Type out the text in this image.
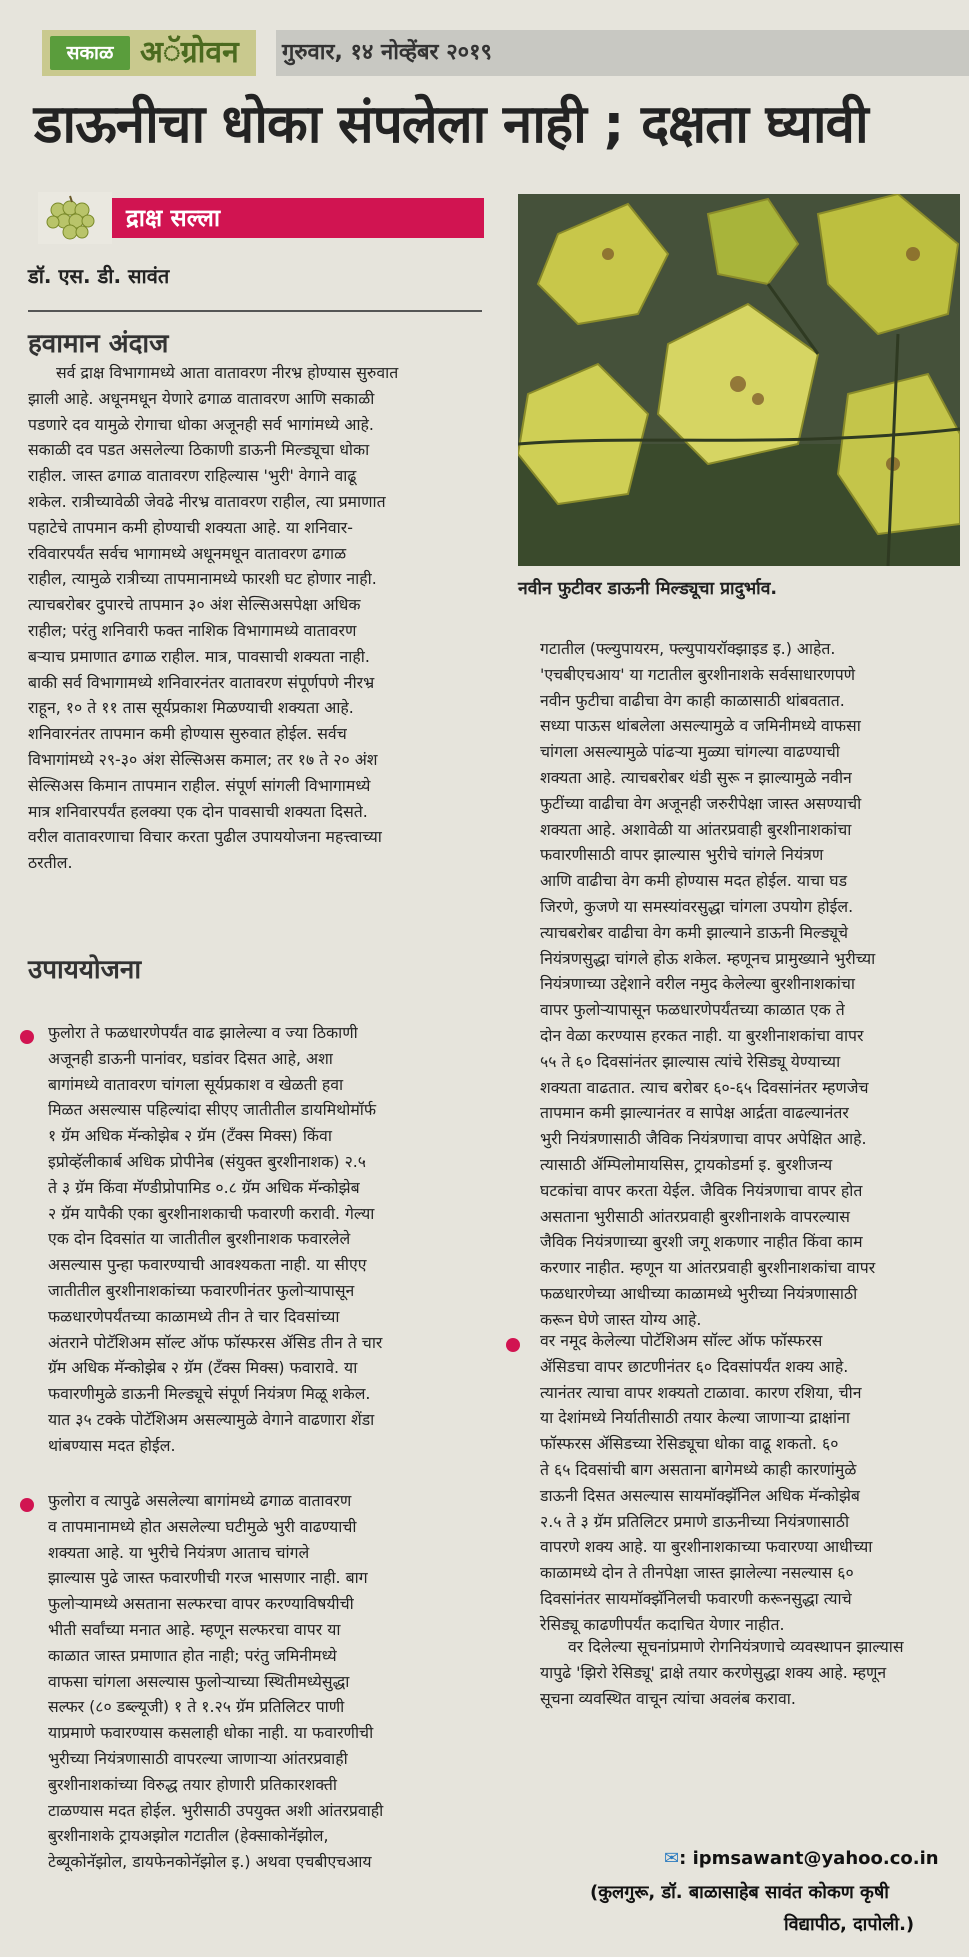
सकाळ अॅग्रोवन	गुरुवार, १४ नोव्हेंबर २०१९
डाऊनीचा धोका संपलेला नाही ; दक्षता घ्यावी
द्राक्ष सल्ला
डॉ. एस. डी. सावंत
हवामान अंदाज
सर्व द्राक्ष विभागामध्ये आता वातावरण नीरभ्र होण्यास सुरुवात
झाली आहे. अधूनमधून येणारे ढगाळ वातावरण आणि सकाळी
पडणारे दव यामुळे रोगाचा धोका अजूनही सर्व भागांमध्ये आहे.
सकाळी दव पडत असलेल्या ठिकाणी डाऊनी मिल्ड्यूचा धोका
राहील. जास्त ढगाळ वातावरण राहिल्यास 'भुरी' वेगाने वाढू
शकेल. रात्रीच्यावेळी जेवढे नीरभ्र वातावरण राहील, त्या प्रमाणात
पहाटेचे तापमान कमी होण्याची शक्यता आहे. या शनिवार-
रविवारपर्यंत सर्वच भागामध्ये अधूनमधून वातावरण ढगाळ
राहील, त्यामुळे रात्रीच्या तापमानामध्ये फारशी घट होणार नाही.
त्याचबरोबर दुपारचे तापमान ३० अंश सेल्सिअसपेक्षा अधिक
राहील; परंतु शनिवारी फक्त नाशिक विभागामध्ये वातावरण
बऱ्याच प्रमाणात ढगाळ राहील. मात्र, पावसाची शक्यता नाही.
बाकी सर्व विभागामध्ये शनिवारनंतर वातावरण संपूर्णपणे नीरभ्र
राहून, १० ते ११ तास सूर्यप्रकाश मिळण्याची शक्यता आहे.
शनिवारनंतर तापमान कमी होण्यास सुरुवात होईल. सर्वच
विभागांमध्ये २९-३० अंश सेल्सिअस कमाल; तर १७ ते २० अंश
सेल्सिअस किमान तापमान राहील. संपूर्ण सांगली विभागामध्ये
मात्र शनिवारपर्यंत हलक्या एक दोन पावसाची शक्यता दिसते.
वरील वातावरणाचा विचार करता पुढील उपाययोजना महत्त्वाच्या
ठरतील.
उपाययोजना
फुलोरा ते फळधारणेपर्यंत वाढ झालेल्या व ज्या ठिकाणी
अजूनही डाऊनी पानांवर, घडांवर दिसत आहे, अशा
बागांमध्ये वातावरण चांगला सूर्यप्रकाश व खेळती हवा
मिळत असल्यास पहिल्यांदा सीएए जातीतील डायमिथोमॉर्फ
१ ग्रॅम अधिक मॅन्कोझेब २ ग्रॅम (टँक्स मिक्स) किंवा
इप्रोव्हॅलीकार्ब अधिक प्रोपीनेब (संयुक्त बुरशीनाशक) २.५
ते ३ ग्रॅम किंवा मॅण्डीप्रोपामिड ०.८ ग्रॅम अधिक मॅन्कोझेब
२ ग्रॅम यापैकी एका बुरशीनाशकाची फवारणी करावी. गेल्या
एक दोन दिवसांत या जातीतील बुरशीनाशक फवारलेले
असल्यास पुन्हा फवारण्याची आवश्यकता नाही. या सीएए
जातीतील बुरशीनाशकांच्या फवारणीनंतर फुलोऱ्यापासून
फळधारणेपर्यंतच्या काळामध्ये तीन ते चार दिवसांच्या
अंतराने पोटॅशिअम सॉल्ट ऑफ फॉस्फरस ॲसिड तीन ते चार
ग्रॅम अधिक मॅन्कोझेब २ ग्रॅम (टँक्स मिक्स) फवारावे. या
फवारणीमुळे डाऊनी मिल्ड्यूचे संपूर्ण नियंत्रण मिळू शकेल.
यात ३५ टक्के पोटॅशिअम असल्यामुळे वेगाने वाढणारा शेंडा
थांबण्यास मदत होईल.
फुलोरा व त्यापुढे असलेल्या बागांमध्ये ढगाळ वातावरण
व तापमानामध्ये होत असलेल्या घटीमुळे भुरी वाढण्याची
शक्यता आहे. या भुरीचे नियंत्रण आताच चांगले
झाल्यास पुढे जास्त फवारणीची गरज भासणार नाही. बाग
फुलोऱ्यामध्ये असताना सल्फरचा वापर करण्याविषयीची
भीती सर्वांच्या मनात आहे. म्हणून सल्फरचा वापर या
काळात जास्त प्रमाणात होत नाही; परंतु जमिनीमध्ये
वाफसा चांगला असल्यास फुलोऱ्याच्या स्थितीमध्येसुद्धा
सल्फर (८० डब्ल्यूजी) १ ते १.२५ ग्रॅम प्रतिलिटर पाणी
याप्रमाणे फवारण्यास कसलाही धोका नाही. या फवारणीची
भुरीच्या नियंत्रणासाठी वापरल्या जाणाऱ्या आंतरप्रवाही
बुरशीनाशकांच्या विरुद्ध तयार होणारी प्रतिकारशक्ती
टाळण्यास मदत होईल. भुरीसाठी उपयुक्त अशी आंतरप्रवाही
बुरशीनाशके ट्रायअझोल गटातील (हेक्साकोनॅझोल,
टेब्यूकोनॅझोल, डायफेनकोनॅझोल इ.) अथवा एचबीएचआय
नवीन फुटीवर डाऊनी मिल्ड्यूचा प्रादुर्भाव.
गटातील (फ्ल्युपायरम, फ्ल्युपायरॉक्झाइड इ.) आहेत.
'एचबीएचआय' या गटातील बुरशीनाशके सर्वसाधारणपणे
नवीन फुटीचा वाढीचा वेग काही काळासाठी थांबवतात.
सध्या पाऊस थांबलेला असल्यामुळे व जमिनीमध्ये वाफसा
चांगला असल्यामुळे पांढऱ्या मुळ्या चांगल्या वाढण्याची
शक्यता आहे. त्याचबरोबर थंडी सुरू न झाल्यामुळे नवीन
फुटींच्या वाढीचा वेग अजूनही जरुरीपेक्षा जास्त असण्याची
शक्यता आहे. अशावेळी या आंतरप्रवाही बुरशीनाशकांचा
फवारणीसाठी वापर झाल्यास भुरीचे चांगले नियंत्रण
आणि वाढीचा वेग कमी होण्यास मदत होईल. याचा घड
जिरणे, कुजणे या समस्यांवरसुद्धा चांगला उपयोग होईल.
त्याचबरोबर वाढीचा वेग कमी झाल्याने डाऊनी मिल्ड्यूचे
नियंत्रणसुद्धा चांगले होऊ शकेल. म्हणूनच प्रामुख्याने भुरीच्या
नियंत्रणाच्या उद्देशाने वरील नमुद केलेल्या बुरशीनाशकांचा
वापर फुलोऱ्यापासून फळधारणेपर्यंतच्या काळात एक ते
दोन वेळा करण्यास हरकत नाही. या बुरशीनाशकांचा वापर
५५ ते ६० दिवसांनंतर झाल्यास त्यांचे रेसिड्यू येण्याच्या
शक्यता वाढतात. त्याच बरोबर ६०-६५ दिवसांनंतर म्हणजेच
तापमान कमी झाल्यानंतर व सापेक्ष आर्द्रता वाढल्यानंतर
भुरी नियंत्रणासाठी जैविक नियंत्रणाचा वापर अपेक्षित आहे.
त्यासाठी ॲम्पिलोमायसिस, ट्रायकोडर्मा इ. बुरशीजन्य
घटकांचा वापर करता येईल. जैविक नियंत्रणाचा वापर होत
असताना भुरीसाठी आंतरप्रवाही बुरशीनाशके वापरल्यास
जैविक नियंत्रणाच्या बुरशी जगू शकणार नाहीत किंवा काम
करणार नाहीत. म्हणून या आंतरप्रवाही बुरशीनाशकांचा वापर
फळधारणेच्या आधीच्या काळामध्ये भुरीच्या नियंत्रणासाठी
करून घेणे जास्त योग्य आहे.
वर नमूद केलेल्या पोटॅशिअम सॉल्ट ऑफ फॉस्फरस
ॲसिडचा वापर छाटणीनंतर ६० दिवसांपर्यंत शक्य आहे.
त्यानंतर त्याचा वापर शक्यतो टाळावा. कारण रशिया, चीन
या देशांमध्ये निर्यातीसाठी तयार केल्या जाणाऱ्या द्राक्षांना
फॉस्फरस ॲसिडच्या रेसिड्यूचा धोका वाढू शकतो. ६०
ते ६५ दिवसांची बाग असताना बागेमध्ये काही कारणांमुळे
डाऊनी दिसत असल्यास सायमॉक्झॅनिल अधिक मॅन्कोझेब
२.५ ते ३ ग्रॅम प्रतिलिटर प्रमाणे डाऊनीच्या नियंत्रणासाठी
वापरणे शक्य आहे. या बुरशीनाशकाच्या फवारण्या आधीच्या
काळामध्ये दोन ते तीनपेक्षा जास्त झालेल्या नसल्यास ६०
दिवसांनंतर सायमॉक्झॅनिलची फवारणी करूनसुद्धा त्याचे
रेसिड्यू काढणीपर्यंत कदाचित येणार नाहीत.
वर दिलेल्या सूचनांप्रमाणे रोगनियंत्रणाचे व्यवस्थापन झाल्यास
यापुढे 'झिरो रेसिड्यू' द्राक्षे तयार करणेसुद्धा शक्य आहे. म्हणून
सूचना व्यवस्थित वाचून त्यांचा अवलंब करावा.
✉: ipmsawant@yahoo.co.in
(कुलगुरू, डॉ. बाळासाहेब सावंत कोकण कृषी
विद्यापीठ, दापोली.)
